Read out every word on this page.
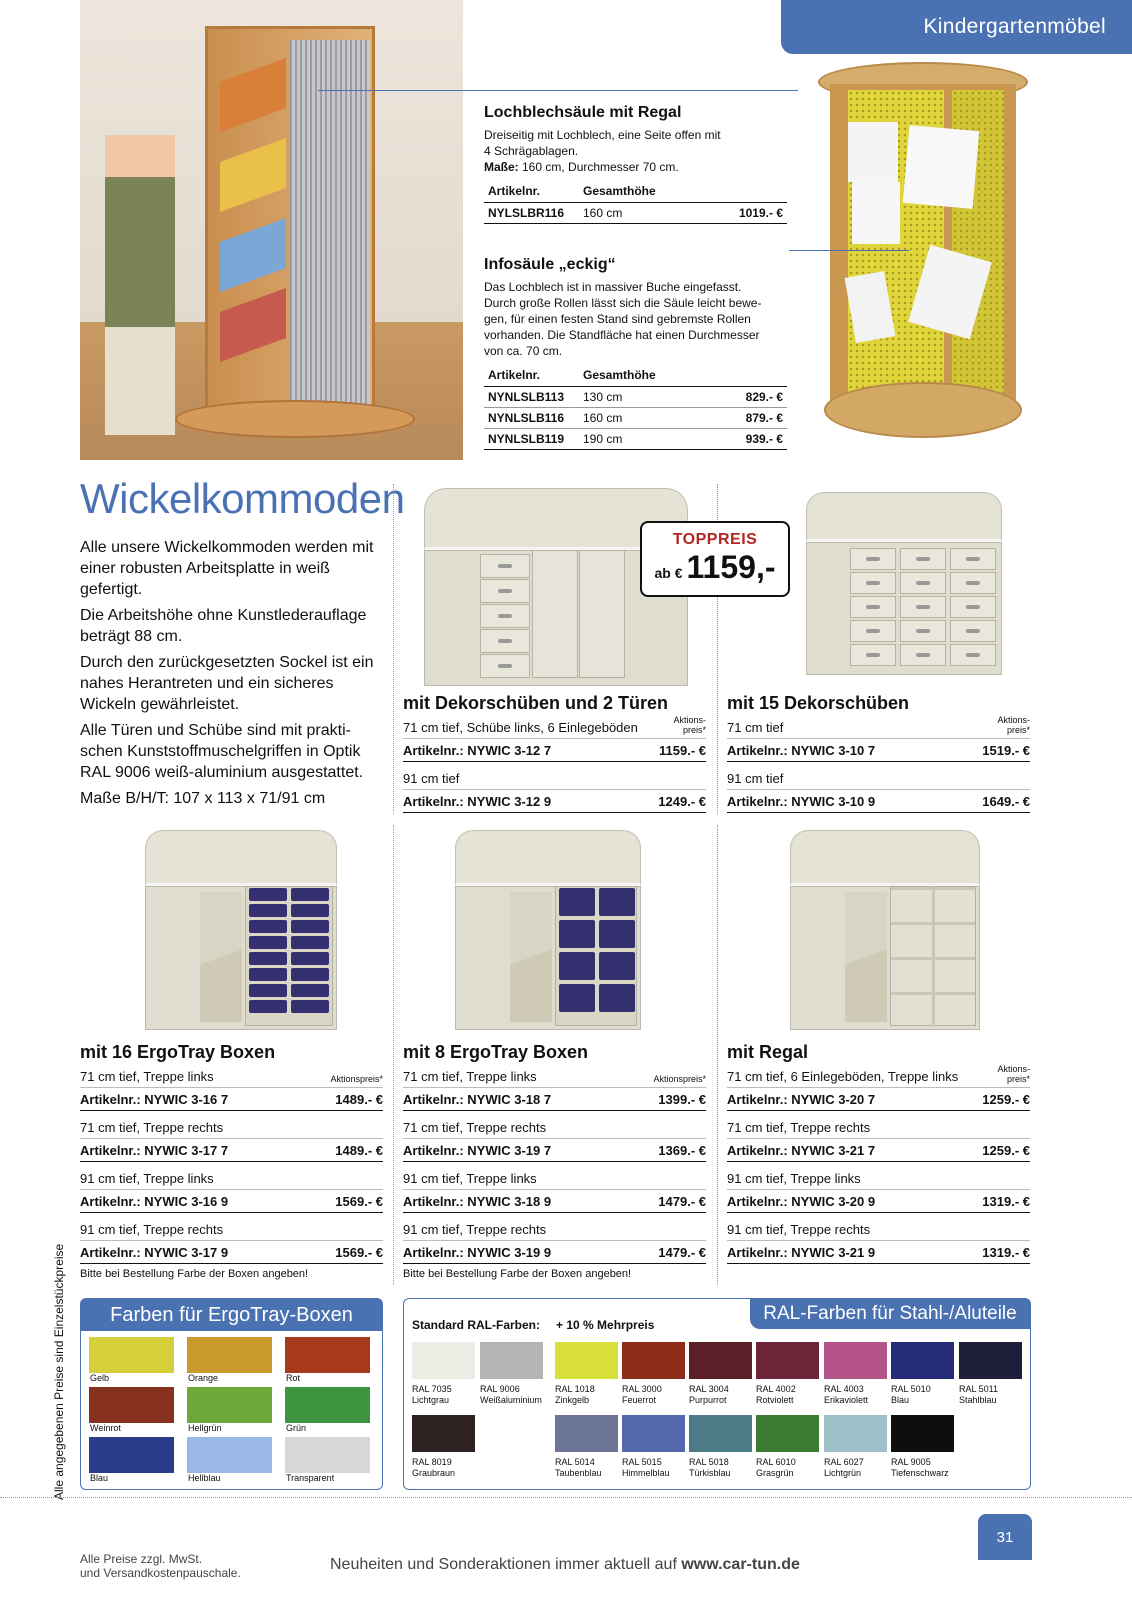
Kindergartenmöbel
Lochblechsäule mit Regal
Dreiseitig mit Lochblech, eine Seite offen mit
4 Schrägablagen.
Maße: 160 cm, Durchmesser 70 cm.
Artikelnr.	Gesamthöhe	
NYLSLBR116	160 cm	1019.- €
Infosäule „eckig“
Das Lochblech ist in massiver Buche eingefasst.
Durch große Rollen lässt sich die Säule leicht bewe-
gen, für einen festen Stand sind gebremste Rollen
vorhanden. Die Standfläche hat einen Durchmesser
von ca. 70 cm.
Artikelnr.	Gesamthöhe	
NYNLSLB113	130 cm	829.- €
NYNLSLB116	160 cm	879.- €
NYNLSLB119	190 cm	939.- €
Wickelkommoden

Alle unsere Wickelkommoden werden mit einer robusten Arbeitsplatte in weiß gefertigt.

Die Arbeitshöhe ohne Kunstlederauflage beträgt 88 cm.

Durch den zurückgesetzten Sockel ist ein nahes Herantreten und ein sicheres Wickeln gewährleistet.

Alle Türen und Schübe sind mit prakti-schen Kunststoffmuschelgriffen in Optik RAL 9006 weiß-aluminium ausgestattet.

Maße B/H/T: 107 x 113 x 71/91 cm

TOPPREIS
ab € 1159,-
mit Dekorschüben und 2 Türen
71 cm tief, Schübe links, 6 Einlegeböden	Aktions- preis*
Artikelnr.: NYWIC 3-12 7	1159.- €
91 cm tief
Artikelnr.: NYWIC 3-12 9	1249.- €
mit 15 Dekorschüben
71 cm tief	Aktions- preis*
Artikelnr.: NYWIC 3-10 7	1519.- €
91 cm tief
Artikelnr.: NYWIC 3-10 9	1649.- €
mit 16 ErgoTray Boxen
71 cm tief, Treppe links	Aktionspreis*
Artikelnr.: NYWIC 3-16 7	1489.- €
71 cm tief, Treppe rechts
Artikelnr.: NYWIC 3-17 7	1489.- €
91 cm tief, Treppe links
Artikelnr.: NYWIC 3-16 9	1569.- €
91 cm tief, Treppe rechts
Artikelnr.: NYWIC 3-17 9	1569.- €
Bitte bei Bestellung Farbe der Boxen angeben!
mit 8 ErgoTray Boxen
71 cm tief, Treppe links	Aktionspreis*
Artikelnr.: NYWIC 3-18 7	1399.- €
71 cm tief, Treppe rechts
Artikelnr.: NYWIC 3-19 7	1369.- €
91 cm tief, Treppe links
Artikelnr.: NYWIC 3-18 9	1479.- €
91 cm tief, Treppe rechts
Artikelnr.: NYWIC 3-19 9	1479.- €
Bitte bei Bestellung Farbe der Boxen angeben!
mit Regal
71 cm tief, 6 Einlegeböden, Treppe links	Aktions- preis*
Artikelnr.: NYWIC 3-20 7	1259.- €
71 cm tief, Treppe rechts
Artikelnr.: NYWIC 3-21 7	1259.- €
91 cm tief, Treppe links
Artikelnr.: NYWIC 3-20 9	1319.- €
91 cm tief, Treppe rechts
Artikelnr.: NYWIC 3-21 9	1319.- €
Alle angegebenen Preise sind Einzelstückpreise	Farben für ErgoTray-Boxen
Gelb	Orange	Rot
Weinrot	Hellgrün	Grün
Blau	Hellblau	Transparent
RAL-Farben für Stahl-/Aluteile
Standard RAL-Farben: + 10 % Mehrpreis
RAL 7035
Lichtgrau
RAL 9006
Weißaluminium
RAL 1018
Zinkgelb
RAL 3000
Feuerrot
RAL 3004
Purpurrot
RAL 4002
Rotviolett
RAL 4003
Erikaviolett
RAL 5010
Blau
RAL 5011
Stahlblau
RAL 8019
Graubraun
RAL 5014
Taubenblau
RAL 5015
Himmelblau
RAL 5018
Türkisblau
RAL 6010
Grasgrün
RAL 6027
Lichtgrün
RAL 9005
Tiefenschwarz
Alle Preise zzgl. MwSt.
und Versandkostenpauschale.	Neuheiten und Sonderaktionen immer aktuell auf www.car-tun.de
31
